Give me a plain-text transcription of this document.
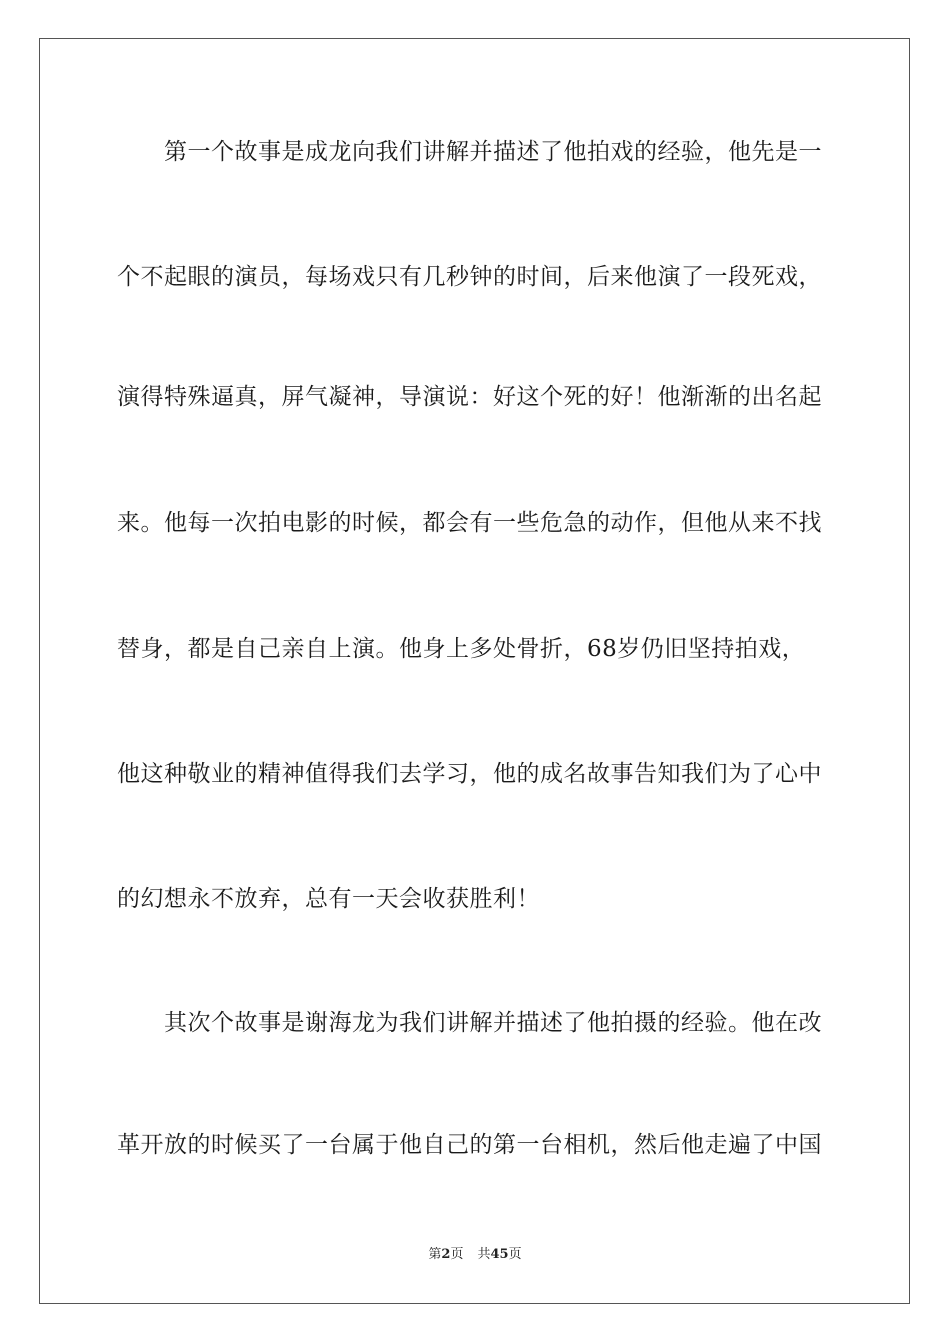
第一个故事是成龙向我们讲解并描述了他拍戏的经验，他先是一
个不起眼的演员，每场戏只有几秒钟的时间，后来他演了一段死戏，
演得特殊逼真，屏气凝神，导演说：好这个死的好！他渐渐的出名起
来。他每一次拍电影的时候，都会有一些危急的动作，但他从来不找
替身，都是自己亲自上演。他身上多处骨折，68岁仍旧坚持拍戏，
他这种敬业的精神值得我们去学习，他的成名故事告知我们为了心中
的幻想永不放弃，总有一天会收获胜利！
其次个故事是谢海龙为我们讲解并描述了他拍摄的经验。他在改
革开放的时候买了一台属于他自己的第一台相机，然后他走遍了中国
第2页 共45页
